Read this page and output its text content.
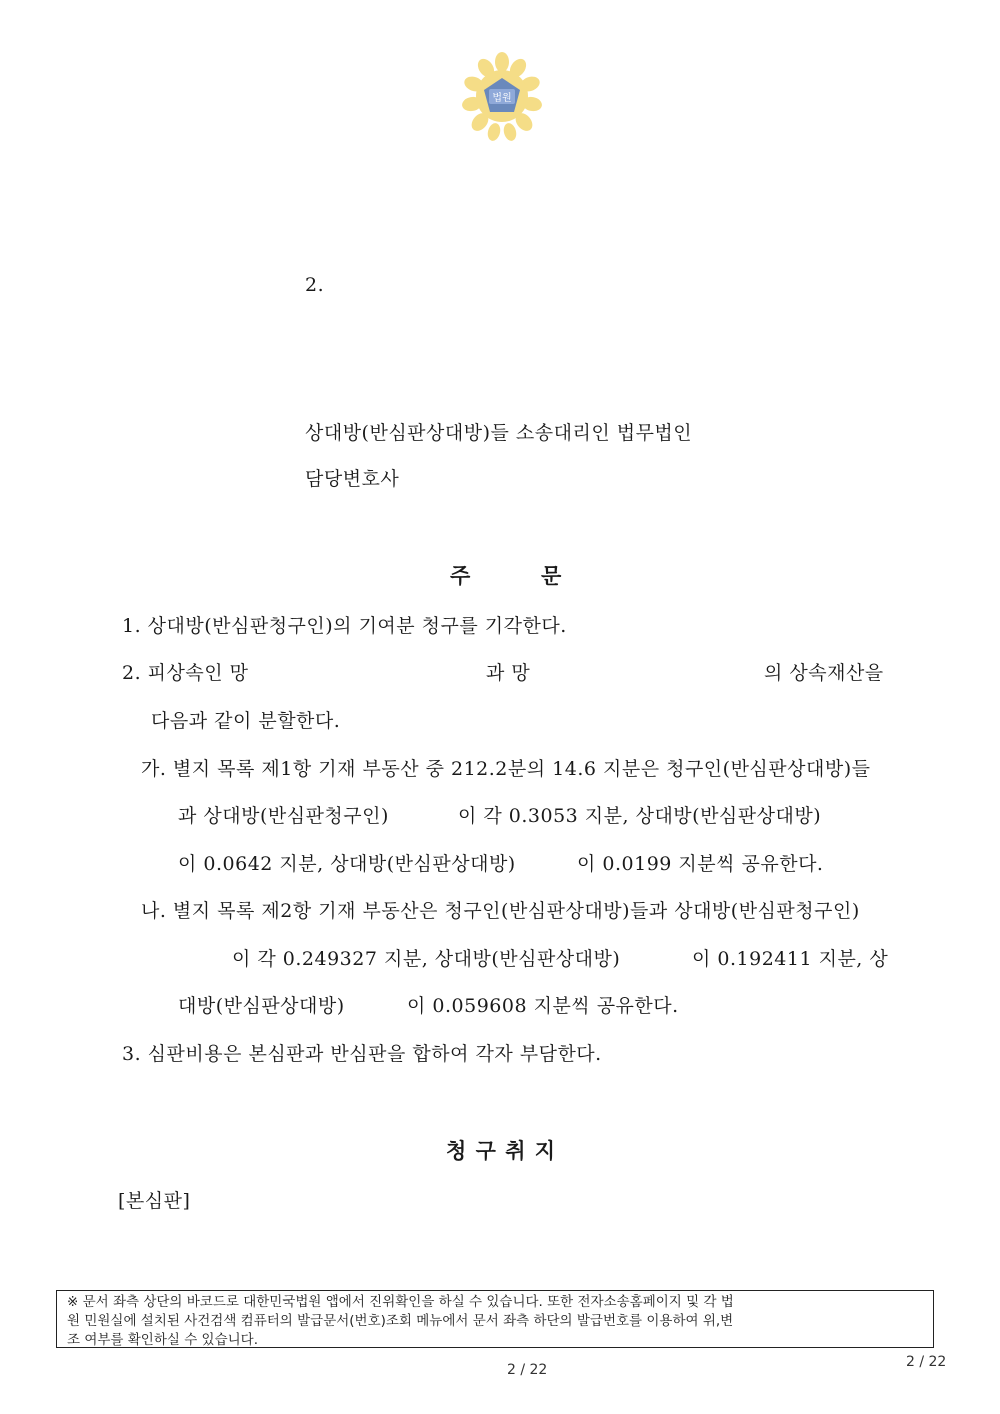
법원
2.
상대방(반심판상대방)들 소송대리인 법무법인
담당변호사
주	문
1. 상대방(반심판청구인)의 기여분 청구를 기각한다.
2. 피상속인 망	과 망	의 상속재산을
다음과 같이 분할한다.
가. 별지 목록 제1항 기재 부동산 중 212.2분의 14.6 지분은 청구인(반심판상대방)들
과 상대방(반심판청구인)	이 각 0.3053 지분, 상대방(반심판상대방)
이 0.0642 지분, 상대방(반심판상대방)	이 0.0199 지분씩 공유한다.
나. 별지 목록 제2항 기재 부동산은 청구인(반심판상대방)들과 상대방(반심판청구인)
이 각 0.249327 지분, 상대방(반심판상대방)	이 0.192411 지분, 상
대방(반심판상대방)	이 0.059608 지분씩 공유한다.
3. 심판비용은 본심판과 반심판을 합하여 각자 부담한다.
청 구 취 지
[본심판]
※ 문서 좌측 상단의 바코드로 대한민국법원 앱에서 진위확인을 하실 수 있습니다. 또한 전자소송홈페이지 및 각 법
원 민원실에 설치된 사건검색 컴퓨터의 발급문서(번호)조회 메뉴에서 문서 좌측 하단의 발급번호를 이용하여 위,변
조 여부를 확인하실 수 있습니다.
2 / 22	2 / 22
